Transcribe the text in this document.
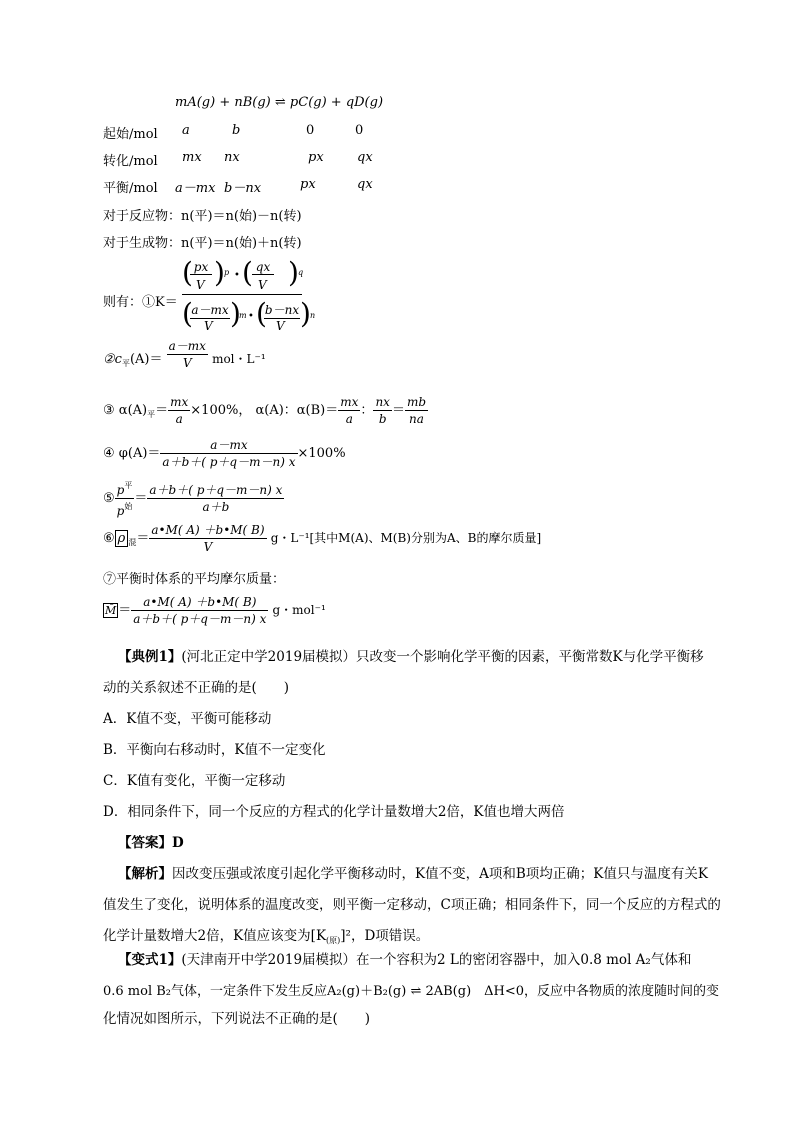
mA(g) + nB(g) ⇌ pC(g) + qD(g)
起始/mol a	b	0	0
转化/mol mx nx	px	qx
平衡/mol a－mx b－nx	px	qx
对于反应物：n(平)＝n(始)－n(转)
对于生成物：n(平)＝n(始)＋n(转)
则有：①K＝
( px
V ) p • ( qx
V ) q
(
a－mx
V )
m • (
b－nx
V ) n
$②c_平(A)= \frac{a-mx}{V}$ mol・L⁻¹
③ $\alpha(A)_平= \frac{mx}{a} \times 100\%$， α(A)：$\alpha(B)= \frac{mx}{a}$ ： $\frac{nx}{b} = \frac{mb}{na}$
④ $\varphi(A)= \frac{a-mx}{a+b+( p+q-m-n) x} \times 100\%$
⑤ $\frac{p^平}{p^始} = \frac{a+b+( p+q-m-n) x}{a+b}$
⑥ ρ $_混= \frac{a•M( A) +b•M( B)}{V}$ g・L⁻¹[其中M(A)、M(B)分别为A、B的摩尔质量]
⑦平衡时体系的平均摩尔质量：
M̄ ＝ $\frac{a•M( A) +b•M( B)}{a+b+( p+q-m-n) x}$ g・mol⁻¹
【典例1】(河北正定中学2019届模拟）只改变一个影响化学平衡的因素，平衡常数K与化学平衡移
动的关系叙述不正确的是(　　)
A．K值不变，平衡可能移动
B．平衡向右移动时，K值不一定变化
C．K值有变化，平衡一定移动
D．相同条件下，同一个反应的方程式的化学计量数增大2倍，K值也增大两倍
【答案】D
【解析】因改变压强或浓度引起化学平衡移动时，K值不变，A项和B项均正确；K值只与温度有关K
值发生了变化，说明体系的温度改变，则平衡一定移动，C项正确；相同条件下，同一个反应的方程式的
化学计量数增大2倍，K值应该变为$[K_{(原)}]^2$，D项错误。
【变式1】(天津南开中学2019届模拟）在一个容积为2 L的密闭容器中，加入0.8 mol A₂气体和
0.6 mol B₂气体，一定条件下发生反应A₂(g)＋B₂(g) ⇌ 2AB(g)　ΔH<0，反应中各物质的浓度随时间的变
化情况如图所示，下列说法不正确的是(　　)
